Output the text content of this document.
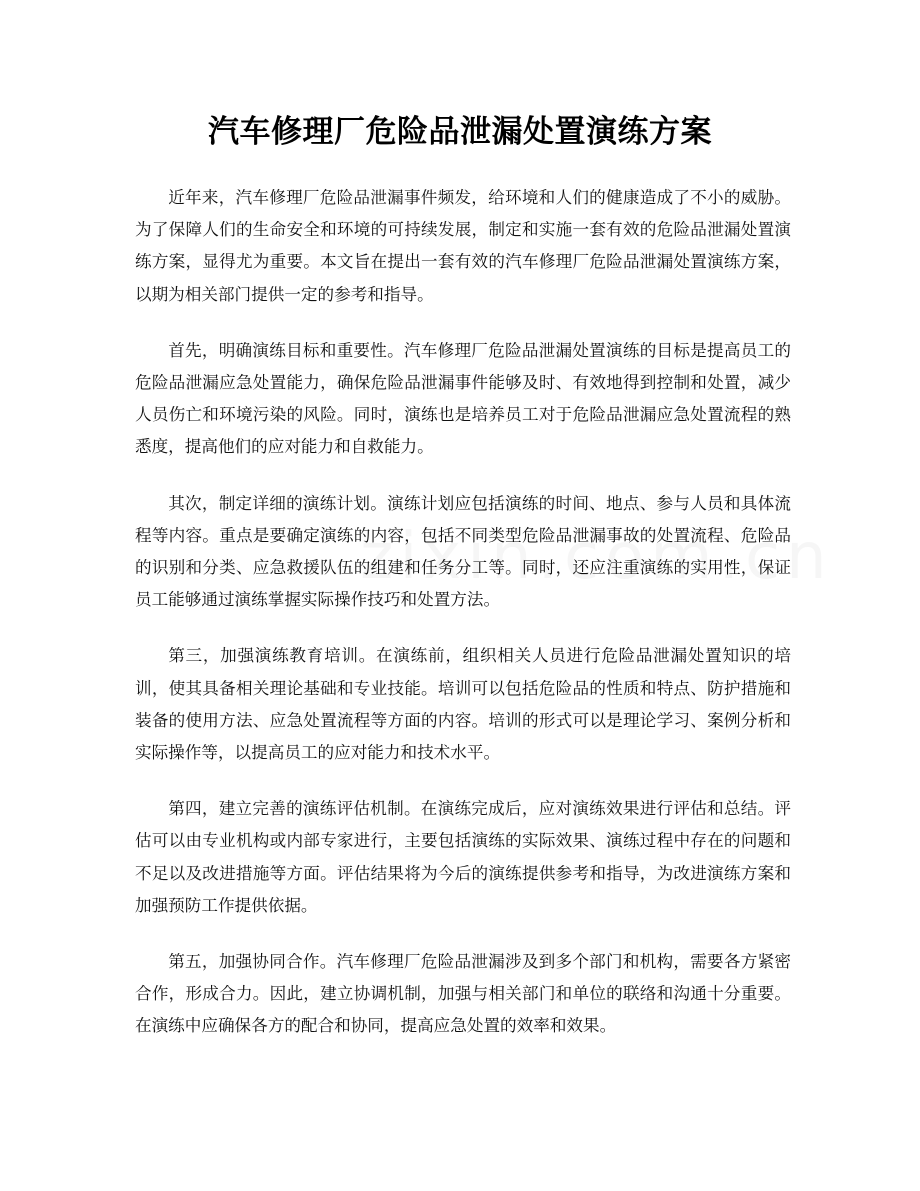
汽车修理厂危险品泄漏处置演练方案

近年来，汽车修理厂危险品泄漏事件频发，给环境和人们的健康造成了不小的威胁。为了保障人们的生命安全和环境的可持续发展，制定和实施一套有效的危险品泄漏处置演练方案，显得尤为重要。本文旨在提出一套有效的汽车修理厂危险品泄漏处置演练方案，以期为相关部门提供一定的参考和指导。

首先，明确演练目标和重要性。汽车修理厂危险品泄漏处置演练的目标是提高员工的危险品泄漏应急处置能力，确保危险品泄漏事件能够及时、有效地得到控制和处置，减少人员伤亡和环境污染的风险。同时，演练也是培养员工对于危险品泄漏应急处置流程的熟悉度，提高他们的应对能力和自救能力。

其次，制定详细的演练计划。演练计划应包括演练的时间、地点、参与人员和具体流程等内容。重点是要确定演练的内容，包括不同类型危险品泄漏事故的处置流程、危险品的识别和分类、应急救援队伍的组建和任务分工等。同时，还应注重演练的实用性，保证员工能够通过演练掌握实际操作技巧和处置方法。

第三，加强演练教育培训。在演练前，组织相关人员进行危险品泄漏处置知识的培训，使其具备相关理论基础和专业技能。培训可以包括危险品的性质和特点、防护措施和装备的使用方法、应急处置流程等方面的内容。培训的形式可以是理论学习、案例分析和实际操作等，以提高员工的应对能力和技术水平。

第四，建立完善的演练评估机制。在演练完成后，应对演练效果进行评估和总结。评估可以由专业机构或内部专家进行，主要包括演练的实际效果、演练过程中存在的问题和不足以及改进措施等方面。评估结果将为今后的演练提供参考和指导，为改进演练方案和加强预防工作提供依据。

第五，加强协同合作。汽车修理厂危险品泄漏涉及到多个部门和机构，需要各方紧密合作，形成合力。因此，建立协调机制，加强与相关部门和单位的联络和沟通十分重要。在演练中应确保各方的配合和协同，提高应急处置的效率和效果。
